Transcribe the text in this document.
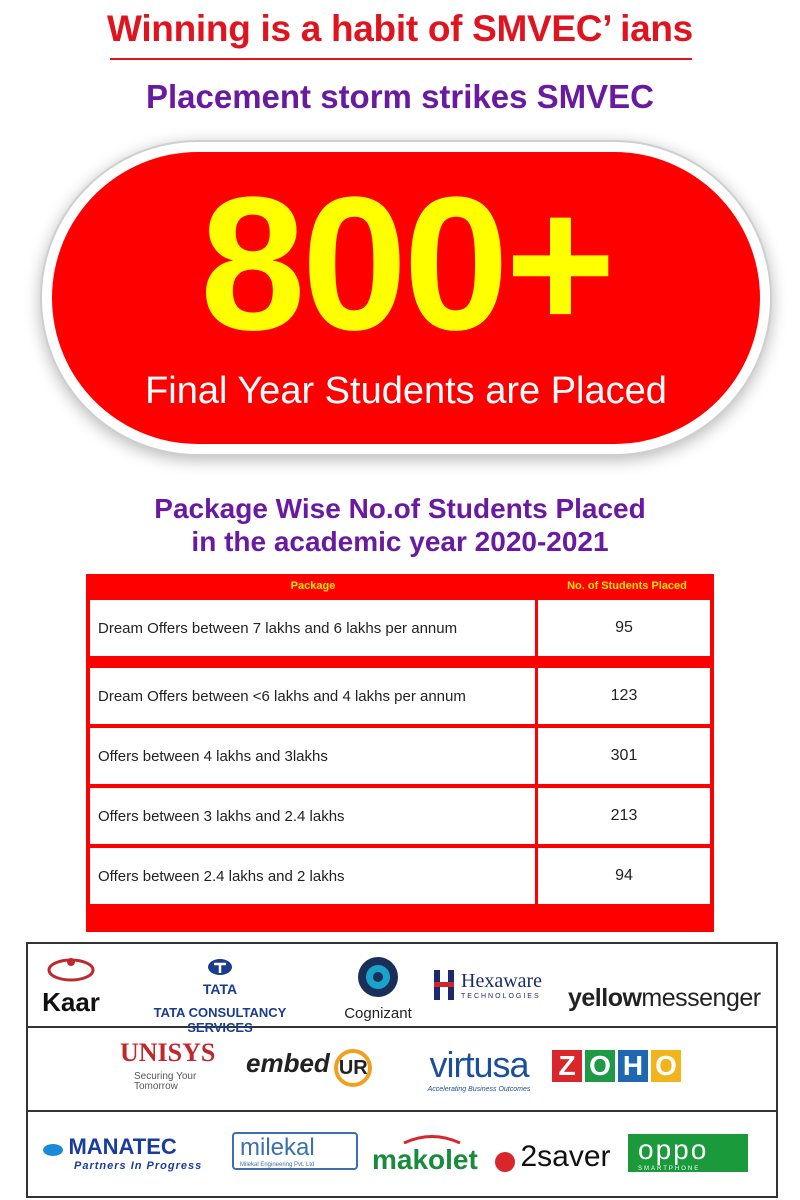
Winning is a habit of SMVEC’ ians
Placement storm strikes SMVEC
800+
Final Year Students are Placed
Package Wise No.of Students Placed
in the academic year 2020-2021
Package	No. of Students Placed
Dream Offers between 7 lakhs and 6 lakhs per annum	95
Dream Offers between <6 lakhs and 4 lakhs per annum	123
Offers between 4 lakhs and 3lakhs	301
Offers between 3 lakhs and 2.4 lakhs	213
Offers between 2.4 lakhs and 2 lakhs	94
Kaar	TATA
TATA CONSULTANCY SERVICES
Cognizant
Hexaware
TECHNOLOGIES	yellowmessenger
UNISYS
Securing Your
Tomorrow
embed UR	virtusa
Accelerating Business Outcomes
Z O H O
MANATEC
Partners In Progress
milekal
Milekal Engineering Pvt. Ltd	makolet	2saver oppo
SMARTPHONE
